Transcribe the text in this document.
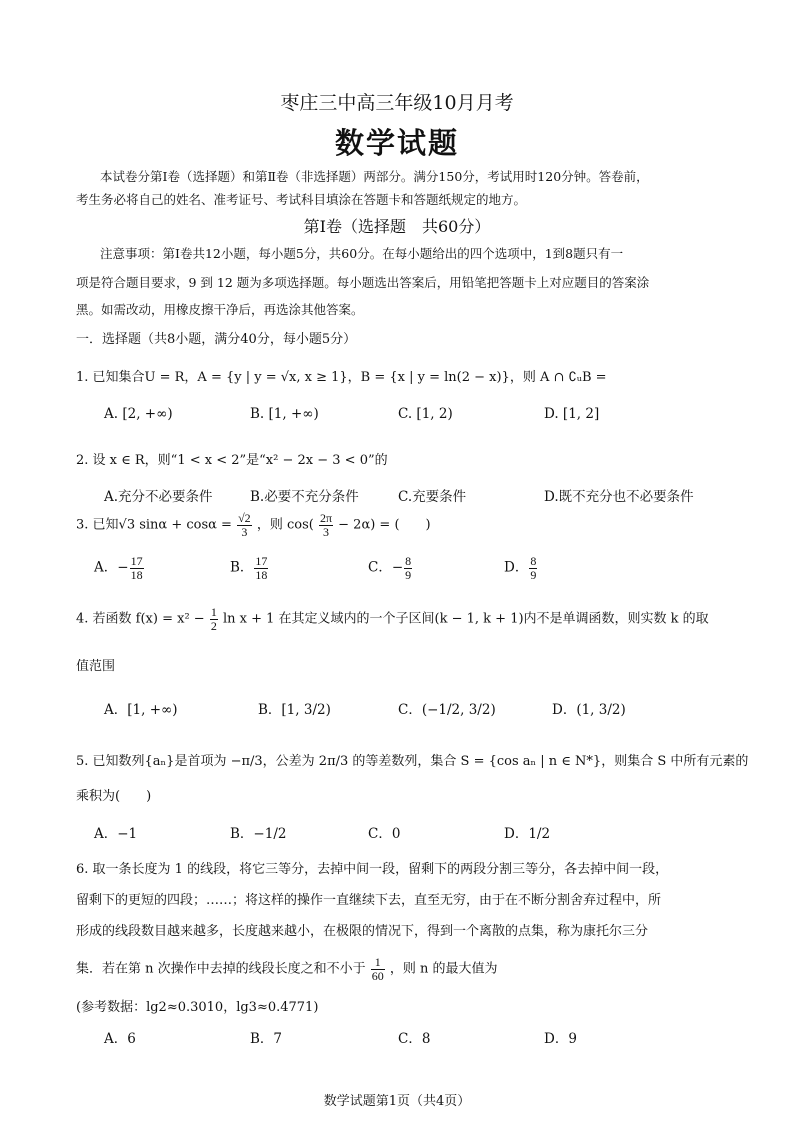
枣庄三中高三年级10月月考
数学试题
本试卷分第Ⅰ卷（选择题）和第Ⅱ卷（非选择题）两部分。满分150分，考试用时120分钟。答卷前，
考生务必将自己的姓名、准考证号、考试科目填涂在答题卡和答题纸规定的地方。
第Ⅰ卷（选择题　共60分）
注意事项：第Ⅰ卷共12小题，每小题5分，共60分。在每小题给出的四个选项中，1到8题只有一
项是符合题目要求，9 到 12 题为多项选择题。每小题选出答案后，用铅笔把答题卡上对应题目的答案涂
黑。如需改动，用橡皮擦干净后，再选涂其他答案。
一．选择题（共8小题，满分40分，每小题5分）
1. 已知集合U = R，A = {y | y = √x, x ≥ 1}，B = {x | y = ln(2 − x)}，则 A ∩ ∁ᵤB =
A. [2, +∞)	B. [1, +∞)	C. [1, 2)	D. [1, 2]
2. 设 x ∈ R，则“1 < x < 2”是“x² − 2x − 3 < 0”的
A.充分不必要条件	B.必要不充分条件	C.充要条件	D.既不充分也不必要条件
3. 已知√3 $\sin\alpha + \cos\alpha = \frac{√2}{3}$ ，则 $\cos( \frac{2\pi}{3} - 2\alpha)$ = (　　)
A．− $\frac{17}{18}$	B． $\frac{17}{18}$	C．− $\frac{8}{9}$	D． $\frac{8}{9}$
4. 若函数 $f(x) = x^2 - \frac{1}{2}$ ln x + 1 在其定义域内的一个子区间(k − 1, k + 1)内不是单调函数，则实数 k 的取
值范围
A．[1, +∞)	B．[1, 3/2)	C．(−1/2, 3/2)	D．(1, 3/2)
5. 已知数列{aₙ}是首项为 −π/3，公差为 2π/3 的等差数列，集合 S = {cos aₙ | n ∈ N*}，则集合 S 中所有元素的
乘积为(　　)
A．−1	B．−1/2	C．0	D．1/2
6. 取一条长度为 1 的线段，将它三等分，去掉中间一段，留剩下的两段分割三等分，各去掉中间一段，
留剩下的更短的四段；……；将这样的操作一直继续下去，直至无穷，由于在不断分割舍弃过程中，所
形成的线段数目越来越多，长度越来越小，在极限的情况下，得到一个离散的点集，称为康托尔三分
集．若在第 n 次操作中去掉的线段长度之和不小于 $\frac{1}{60}$ ，则 n 的最大值为
(参考数据：lg2≈0.3010，lg3≈0.4771)
A．6	B．7	C．8	D．9
数学试题第1页（共4页）
